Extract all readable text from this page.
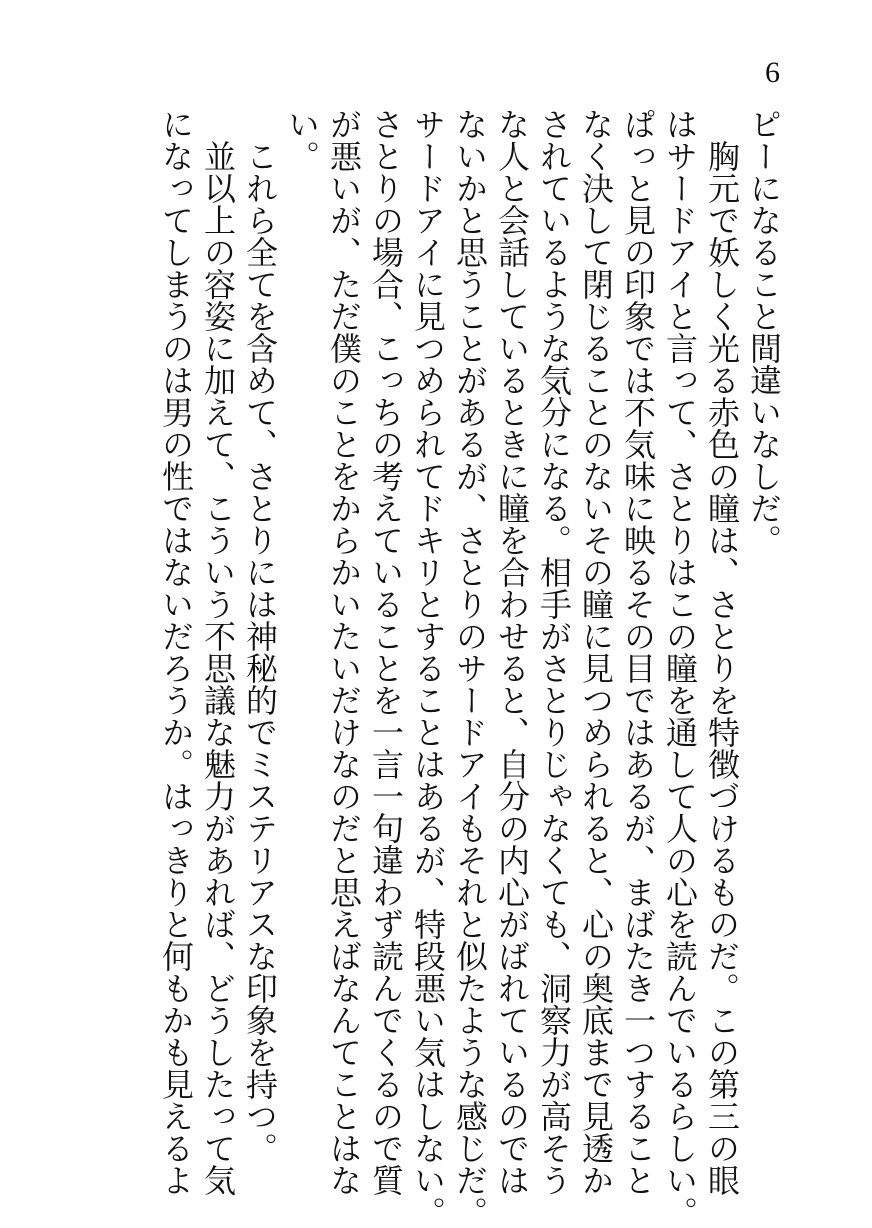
6
ピーになること間違いなしだ。
　胸元で妖しく光る赤色の瞳は、さとりを特徴づけるものだ。この第三の眼
はサードアイと言って、さとりはこの瞳を通して人の心を読んでいるらしい。
ぱっと見の印象では不気味に映るその目ではあるが、まばたき一つすること
なく決して閉じることのないその瞳に見つめられると、心の奥底まで見透か
されているような気分になる。相手がさとりじゃなくても、洞察力が高そう
な人と会話しているときに瞳を合わせると、自分の内心がばれているのでは
ないかと思うことがあるが、さとりのサードアイもそれと似たような感じだ。
サードアイに見つめられてドキリとすることはあるが、特段悪い気はしない。
さとりの場合、こっちの考えていることを一言一句違わず読んでくるので質
が悪いが、ただ僕のことをからかいたいだけなのだと思えばなんてことはな
い。
　これら全てを含めて、さとりには神秘的でミステリアスな印象を持つ。
　並以上の容姿に加えて、こういう不思議な魅力があれば、どうしたって気
になってしまうのは男の性ではないだろうか。はっきりと何もかも見えるよ
